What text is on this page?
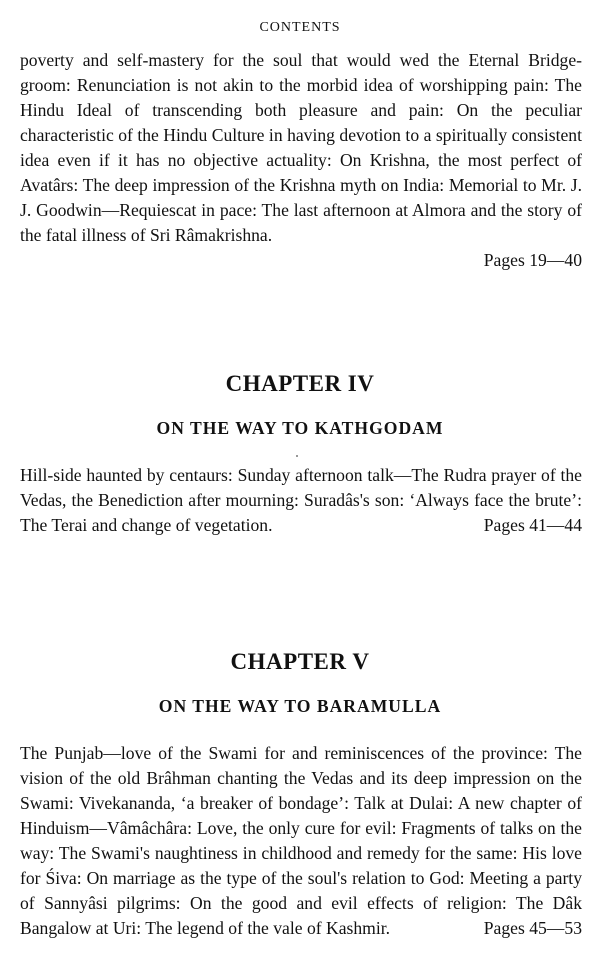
CONTENTS

poverty and self-mastery for the soul that would wed the Eternal Bridge-groom: Renunciation is not akin to the morbid idea of worshipping pain: The Hindu Ideal of transcending both pleasure and pain: On the peculiar characteristic of the Hindu Culture in having devotion to a spiritually consistent idea even if it has no objective actuality: On Krishna, the most perfect of Avatârs: The deep impression of the Krishna myth on India: Memorial to Mr. J. J. Goodwin—Requiescat in pace: The last afternoon at Almora and the story of the fatal illness of Sri Râmakrishna.
Pages 19—40

CHAPTER IV
ON THE WAY TO KATHGODAM

Hill-side haunted by centaurs: Sunday afternoon talk—The Rudra prayer of the Vedas, the Benediction after mourning: Suradâs's son: ‘Always face the brute’: The Terai and change of vegetation.	Pages 41—44

CHAPTER V
ON THE WAY TO BARAMULLA

The Punjab—love of the Swami for and reminiscences of the province: The vision of the old Brâhman chanting the Vedas and its deep impression on the Swami: Vivekananda, ‘a breaker of bondage’: Talk at Dulai: A new chapter of Hinduism—Vâmâchâra: Love, the only cure for evil: Fragments of talks on the way: The Swami's naughtiness in childhood and remedy for the same: His love for Śiva: On marriage as the type of the soul's relation to God: Meeting a party of Sannyâsi pilgrims: On the good and evil effects of religion: The Dâk Bangalow at Uri: The legend of the vale of Kashmir.	Pages 45—53
